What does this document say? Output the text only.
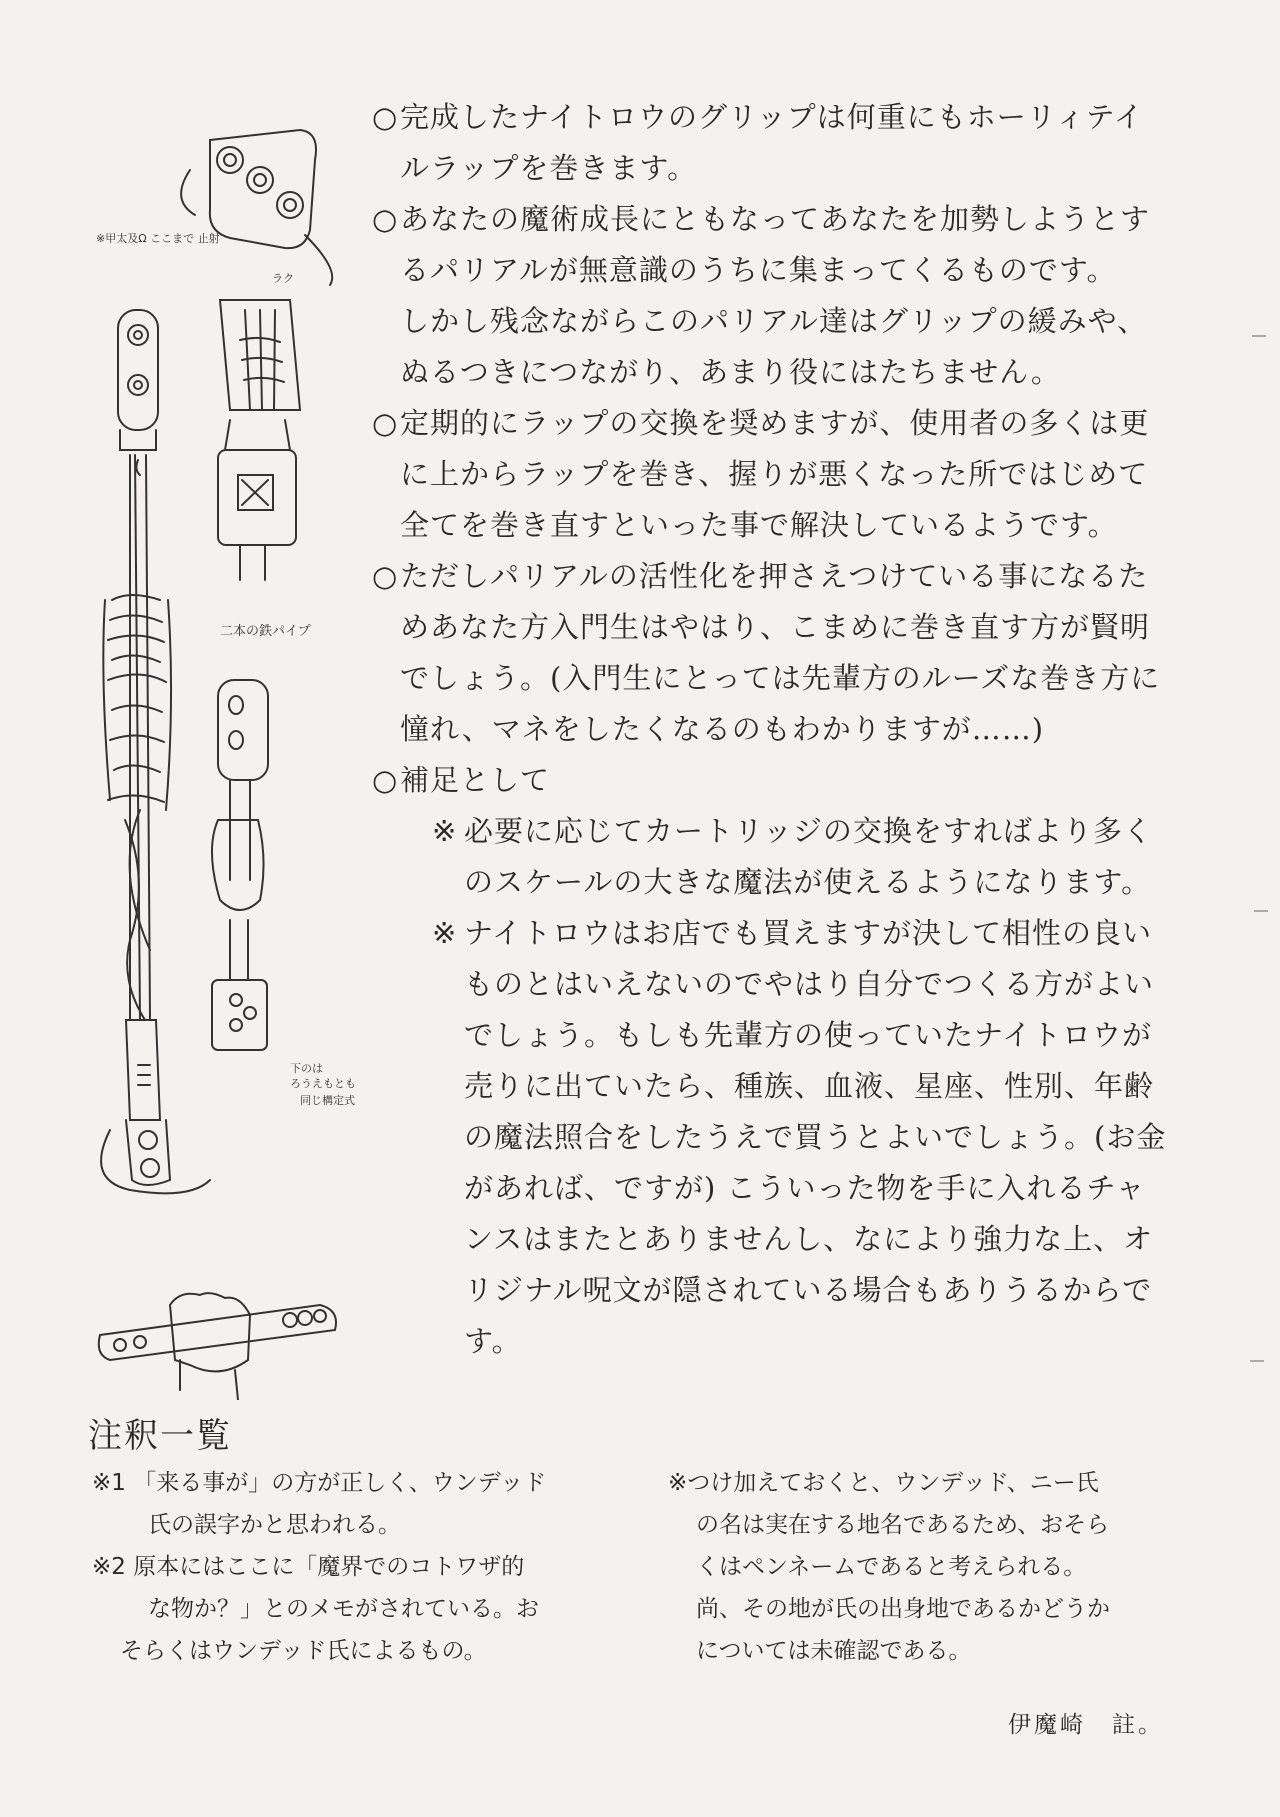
※甲太及Ω ここまで 止射
ラク
二本の鉄パイプ
下のは
ろうえもとも
同じ構定式

○完成したナイトロウのグリップは何重にもホーリィテイ
ルラップを巻きます。

○あなたの魔術成長にともなってあなたを加勢しようとす
るパリアルが無意識のうちに集まってくるものです。
しかし残念ながらこのパリアル達はグリップの緩みや、
ぬるつきにつながり、あまり役にはたちません。

○定期的にラップの交換を奨めますが、使用者の多くは更
に上からラップを巻き、握りが悪くなった所ではじめて
全てを巻き直すといった事で解決しているようです。

○ただしパリアルの活性化を押さえつけている事になるた
めあなた方入門生はやはり、こまめに巻き直す方が賢明
でしょう。(入門生にとっては先輩方のルーズな巻き方に
憧れ、マネをしたくなるのもわかりますが……)

○補足として

※ 必要に応じてカートリッジの交換をすればより多く
のスケールの大きな魔法が使えるようになります。

※ ナイトロウはお店でも買えますが決して相性の良い
ものとはいえないのでやはり自分でつくる方がよい
でしょう。もしも先輩方の使っていたナイトロウが
売りに出ていたら、種族、血液、星座、性別、年齢
の魔法照合をしたうえで買うとよいでしょう。(お金
があれば、ですが) こういった物を手に入れるチャ
ンスはまたとありませんし、なにより強力な上、オ
リジナル呪文が隠されている場合もありうるからです。

注釈一覧

※1 「来る事が」の方が正しく、ウンデッド
氏の誤字かと思われる。

※2 原本にはここに「魔界でのコトワザ的
な物か？」とのメモがされている。お
そらくはウンデッド氏によるもの。

※つけ加えておくと、ウンデッド、ニー氏
の名は実在する地名であるため、おそら
くはペンネームであると考えられる。
尚、その地が氏の出身地であるかどうか
については未確認である。

伊魔崎　註。
